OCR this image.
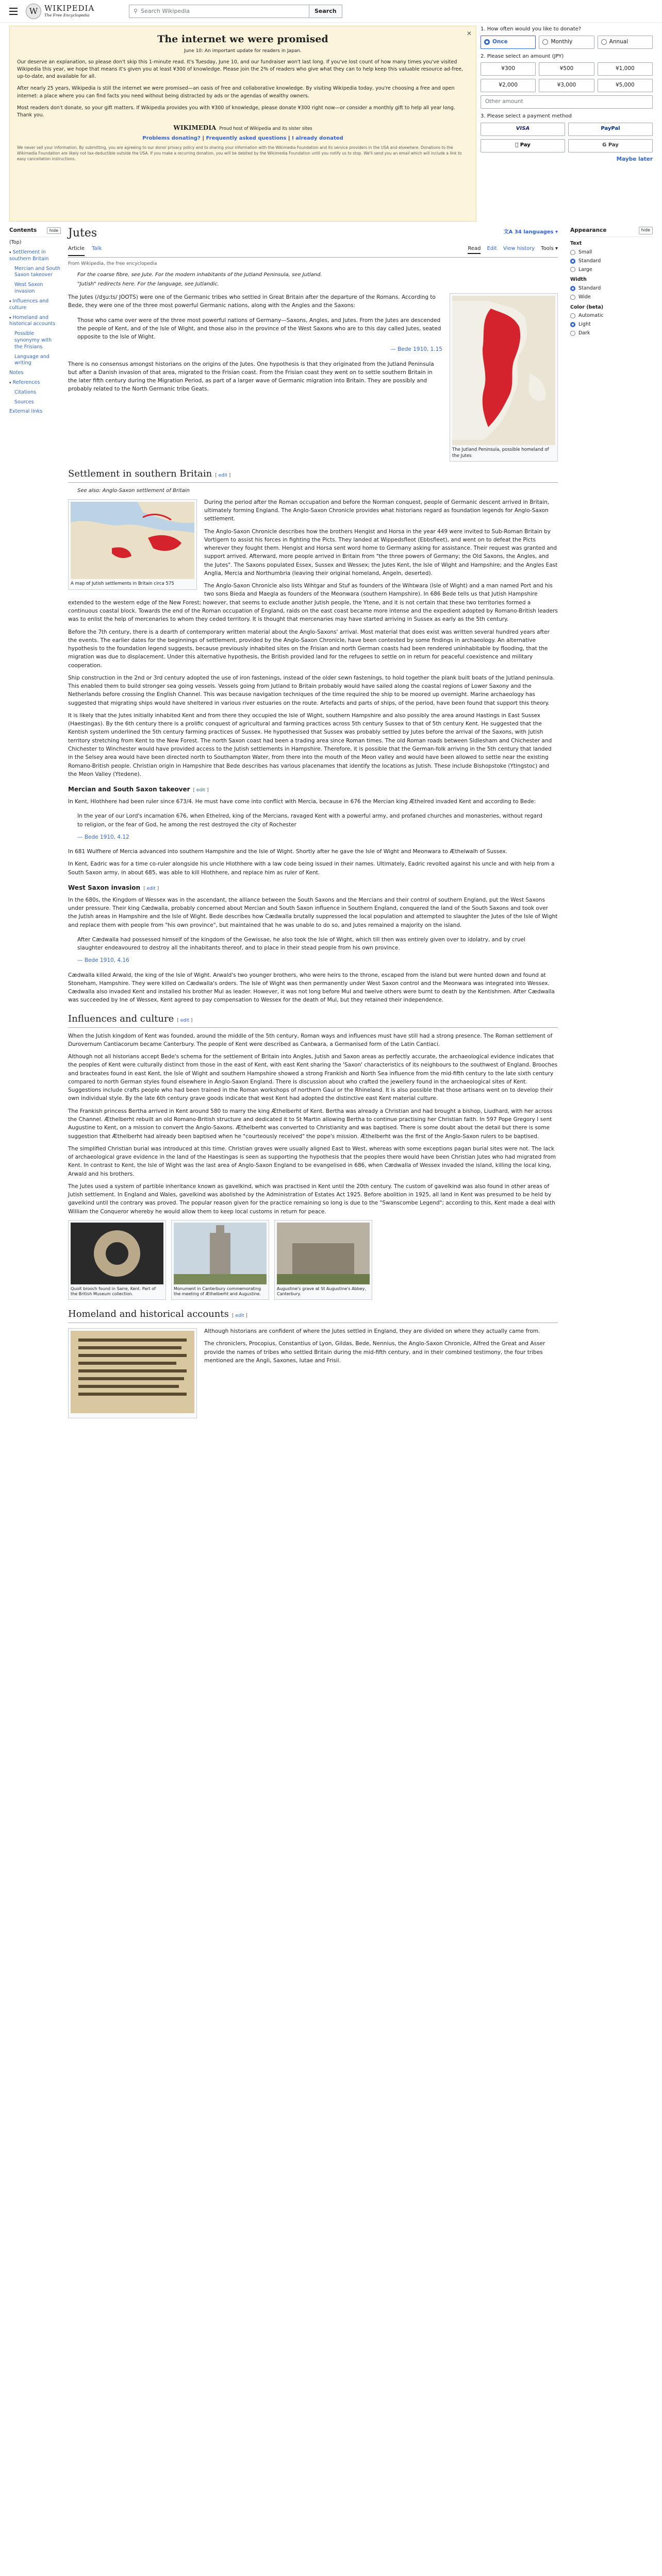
W WIKIPEDIA
The Free Encyclopedia
⚲ Search Wikipedia	Search
✕
The internet we were promised
June 10: An important update for readers in Japan.

Our deserve an explanation, so please don't skip this 1-minute read. It's Tuesday, June 10, and our fundraiser won't last long. If you've lost count of how many times you've visited Wikipedia this year, we hope that means it's given you at least ¥300 of knowledge. Please join the 2% of readers who give what they can to help keep this valuable resource ad-free, up-to-date, and available for all.

After nearly 25 years, Wikipedia is still the internet we were promised—an oasis of free and collaborative knowledge. By visiting Wikipedia today, you're choosing a free and open internet: a place where you can find facts you need without being distracted by ads or the agendas of wealthy owners.

Most readers don't donate, so your gift matters. If Wikipedia provides you with ¥300 of knowledge, please donate ¥300 right now—or consider a monthly gift to help all year long. Thank you.

WIKIMEDIA Proud host of Wikipedia and its sister sites
Problems donating? | Frequently asked questions | I already donated
We never sell your information. By submitting, you are agreeing to our donor privacy policy and to sharing your information with the Wikimedia Foundation and its service providers in the USA and elsewhere. Donations to the Wikimedia Foundation are likely not tax-deductible outside the USA. If you make a recurring donation, you will be debited by the Wikimedia Foundation until you notify us to stop. We'll send you an email which will include a link to easy cancellation instructions.
1. How often would you like to donate?
Once	Monthly	Annual
2. Please select an amount (JPY)
¥300	¥500	¥1,000
¥2,000	¥3,000	¥5,000
Other amount
3. Please select a payment method
VISA	PayPal
Pay	G Pay
Maybe later
Contents	hide
(Top)
▾ Settlement in southern Britain
Mercian and South Saxon takeover
West Saxon invasion
▾ Influences and culture
▾ Homeland and historical accounts
Possible synonymy with the Frisians
Language and writing
Notes
▾ References
Citations
Sources
External links
Jutes	︁文A 34 languages ▾
Article Talk	Read Edit View history Tools ▾
From Wikipedia, the free encyclopedia
Appearance	hide
Text
Small
Standard
Large
Width
Standard
Wide
Color (beta)
Automatic
Light
Dark
For the coarse fibre, see Jute. For the modern inhabitants of the Jutland Peninsula, see Jutland.
"Jutish" redirects here. For the language, see Jutlandic.
The Jutland Peninsula, possible homeland of the Jutes

The Jutes (/dʒuːts/ JOOTS) were one of the Germanic tribes who settled in Great Britain after the departure of the Romans. According to Bede, they were one of the three most powerful Germanic nations, along with the Angles and the Saxons:

Those who came over were of the three most powerful nations of Germany—Saxons, Angles, and Jutes. From the Jutes are descended the people of Kent, and of the Isle of Wight, and those also in the province of the West Saxons who are to this day called Jutes, seated opposite to the Isle of Wight.

— Bede 1910, 1.15

There is no consensus amongst historians on the origins of the Jutes. One hypothesis is that they originated from the Jutland Peninsula but after a Danish invasion of that area, migrated to the Frisian coast. From the Frisian coast they went on to settle southern Britain in the later fifth century during the Migration Period, as part of a larger wave of Germanic migration into Britain. They are possibly and probably related to the North Germanic tribe Geats.

Settlement in southern Britain [ edit ]
See also: Anglo-Saxon settlement of Britain
A map of Jutish settlements in Britain circa 575

During the period after the Roman occupation and before the Norman conquest, people of Germanic descent arrived in Britain, ultimately forming England. The Anglo-Saxon Chronicle provides what historians regard as foundation legends for Anglo-Saxon settlement.

The Anglo-Saxon Chronicle describes how the brothers Hengist and Horsa in the year 449 were invited to Sub-Roman Britain by Vortigern to assist his forces in fighting the Picts. They landed at Wippedsfleot (Ebbsfleet), and went on to defeat the Picts wherever they fought them. Hengist and Horsa sent word home to Germany asking for assistance. Their request was granted and support arrived. Afterward, more people arrived in Britain from "the three powers of Germany; the Old Saxons, the Angles, and the Jutes". The Saxons populated Essex, Sussex and Wessex; the Jutes Kent, the Isle of Wight and Hampshire; and the Angles East Anglia, Mercia and Northumbria (leaving their original homeland, Angeln, deserted).

The Anglo-Saxon Chronicle also lists Wihtgar and Stuf as founders of the Wihtwara (Isle of Wight) and a man named Port and his two sons Bieda and Maegla as founders of the Meonwara (southern Hampshire). In 686 Bede tells us that Jutish Hampshire extended to the western edge of the New Forest; however, that seems to exclude another Jutish people, the Ytene, and it is not certain that these two territories formed a continuous coastal block. Towards the end of the Roman occupation of England, raids on the east coast became more intense and the expedient adopted by Romano-British leaders was to enlist the help of mercenaries to whom they ceded territory. It is thought that mercenaries may have started arriving in Sussex as early as the 5th century.

Before the 7th century, there is a dearth of contemporary written material about the Anglo-Saxons' arrival. Most material that does exist was written several hundred years after the events. The earlier dates for the beginnings of settlement, provided by the Anglo-Saxon Chronicle, have been contested by some findings in archaeology. An alternative hypothesis to the foundation legend suggests, because previously inhabited sites on the Frisian and north German coasts had been rendered uninhabitable by flooding, that the migration was due to displacement. Under this alternative hypothesis, the British provided land for the refugees to settle on in return for peaceful coexistence and military cooperation.

Ship construction in the 2nd or 3rd century adopted the use of iron fastenings, instead of the older sewn fastenings, to hold together the plank built boats of the Jutland peninsula. This enabled them to build stronger sea going vessels. Vessels going from Jutland to Britain probably would have sailed along the coastal regions of Lower Saxony and the Netherlands before crossing the English Channel. This was because navigation techniques of the time required the ship to be moored up overnight. Marine archaeology has suggested that migrating ships would have sheltered in various river estuaries on the route. Artefacts and parts of ships, of the period, have been found that support this theory.

It is likely that the Jutes initially inhabited Kent and from there they occupied the Isle of Wight, southern Hampshire and also possibly the area around Hastings in East Sussex (Haestingas). By the 6th century there is a prolific conquest of agricultural and farming practices across 5th century Sussex to that of 5th century Kent. He suggested that the Kentish system underlined the 5th century farming practices of Sussex. He hypothesised that Sussex was probably settled by Jutes before the arrival of the Saxons, with Jutish territory stretching from Kent to the New Forest. The north Saxon coast had been a trading area since Roman times. The old Roman roads between Sidlesham and Chichester and Chichester to Winchester would have provided access to the Jutish settlements in Hampshire. Therefore, it is possible that the German-folk arriving in the 5th century that landed in the Selsey area would have been directed north to Southampton Water, from there into the mouth of the Meon valley and would have been allowed to settle near the existing Romano-British people. Christian origin in Hampshire that Bede describes has various placenames that identify the locations as Jutish. These include Bishopstoke (Ytingstoc) and the Meon Valley (Ytedene).

Mercian and South Saxon takeover [ edit ]

In Kent, Hlothhere had been ruler since 673/4. He must have come into conflict with Mercia, because in 676 the Mercian king Æthelred invaded Kent and according to Bede:

In the year of our Lord's incarnation 676, when Ethelred, king of the Mercians, ravaged Kent with a powerful army, and profaned churches and monasteries, without regard to religion, or the fear of God, he among the rest destroyed the city of Rochester

— Bede 1910, 4.12

In 681 Wulfhere of Mercia advanced into southern Hampshire and the Isle of Wight. Shortly after he gave the Isle of Wight and Meonwara to Æthelwalh of Sussex.

In Kent, Eadric was for a time co-ruler alongside his uncle Hlothhere with a law code being issued in their names. Ultimately, Eadric revolted against his uncle and with help from a South Saxon army, in about 685, was able to kill Hlothhere, and replace him as ruler of Kent.

West Saxon invasion [ edit ]

In the 680s, the Kingdom of Wessex was in the ascendant, the alliance between the South Saxons and the Mercians and their control of southern England, put the West Saxons under pressure. Their king Cædwalla, probably concerned about Mercian and South Saxon influence in Southern England, conquered the land of the South Saxons and took over the Jutish areas in Hampshire and the Isle of Wight. Bede describes how Cædwalla brutally suppressed the local population and attempted to slaughter the Jutes of the Isle of Wight and replace them with people from "his own province", but maintained that he was unable to do so, and Jutes remained a majority on the island.

After Cædwalla had possessed himself of the kingdom of the Gewissae, he also took the Isle of Wight, which till then was entirely given over to idolatry, and by cruel slaughter endeavoured to destroy all the inhabitants thereof, and to place in their stead people from his own province.

— Bede 1910, 4.16

Cædwalla killed Arwald, the king of the Isle of Wight. Arwald's two younger brothers, who were heirs to the throne, escaped from the island but were hunted down and found at Stoneham, Hampshire. They were killed on Cædwalla's orders. The Isle of Wight was then permanently under West Saxon control and the Meonwara was integrated into Wessex. Cædwalla also invaded Kent and installed his brother Mul as leader. However, it was not long before Mul and twelve others were burnt to death by the Kentishmen. After Cædwalla was succeeded by Ine of Wessex, Kent agreed to pay compensation to Wessex for the death of Mul, but they retained their independence.

Influences and culture [ edit ]

When the Jutish kingdom of Kent was founded, around the middle of the 5th century, Roman ways and influences must have still had a strong presence. The Roman settlement of Durovernum Cantiacorum became Canterbury. The people of Kent were described as Cantwara, a Germanised form of the Latin Cantiaci.

Although not all historians accept Bede's schema for the settlement of Britain into Angles, Jutish and Saxon areas as perfectly accurate, the archaeological evidence indicates that the peoples of Kent were culturally distinct from those in the east of Kent, with east Kent sharing the 'Saxon' characteristics of its neighbours to the southwest of England. Brooches and bracteates found in east Kent, the Isle of Wight and southern Hampshire showed a strong Frankish and North Sea influence from the mid-fifth century to the late sixth century compared to north German styles found elsewhere in Anglo-Saxon England. There is discussion about who crafted the jewellery found in the archaeological sites of Kent. Suggestions include crafts people who had been trained in the Roman workshops of northern Gaul or the Rhineland. It is also possible that those artisans went on to develop their own individual style. By the late 6th century grave goods indicate that west Kent had adopted the distinctive east Kent material culture.

The Frankish princess Bertha arrived in Kent around 580 to marry the king Æthelberht of Kent. Bertha was already a Christian and had brought a bishop, Liudhard, with her across the Channel. Æthelberht rebuilt an old Romano-British structure and dedicated it to St Martin allowing Bertha to continue practising her Christian faith. In 597 Pope Gregory I sent Augustine to Kent, on a mission to convert the Anglo-Saxons. Æthelberht was converted to Christianity and was baptised. There is some doubt about the detail but there is some suggestion that Æthelberht had already been baptised when he "courteously received" the pope's mission. Æthelberht was the first of the Anglo-Saxon rulers to be baptised.

The simplified Christian burial was introduced at this time. Christian graves were usually aligned East to West, whereas with some exceptions pagan burial sites were not. The lack of archaeological grave evidence in the land of the Haestingas is seen as supporting the hypothesis that the peoples there would have been Christian Jutes who had migrated from Kent. In contrast to Kent, the Isle of Wight was the last area of Anglo-Saxon England to be evangelised in 686, when Cædwalla of Wessex invaded the island, killing the local king, Arwald and his brothers.

The Jutes used a system of partible inheritance known as gavelkind, which was practised in Kent until the 20th century. The custom of gavelkind was also found in other areas of Jutish settlement. In England and Wales, gavelkind was abolished by the Administration of Estates Act 1925. Before abolition in 1925, all land in Kent was presumed to be held by gavelkind until the contrary was proved. The popular reason given for the practice remaining so long is due to the "Swanscombe Legend"; according to this, Kent made a deal with William the Conqueror whereby he would allow them to keep local customs in return for peace.

Quoit brooch found in Sarre, Kent. Part of the British Museum collection.
Monument in Canterbury commemorating the meeting of Æthelberht and Augustine.
Augustine's grave at St Augustine's Abbey, Canterbury.
Homeland and historical accounts [ edit ]

Although historians are confident of where the Jutes settled in England, they are divided on where they actually came from.

The chroniclers, Procopius, Constantius of Lyon, Gildas, Bede, Nennius, the Anglo-Saxon Chronicle, Alfred the Great and Asser provide the names of tribes who settled Britain during the mid-fifth century, and in their combined testimony, the four tribes mentioned are the Angli, Saxones, Iutae and Frisii.
